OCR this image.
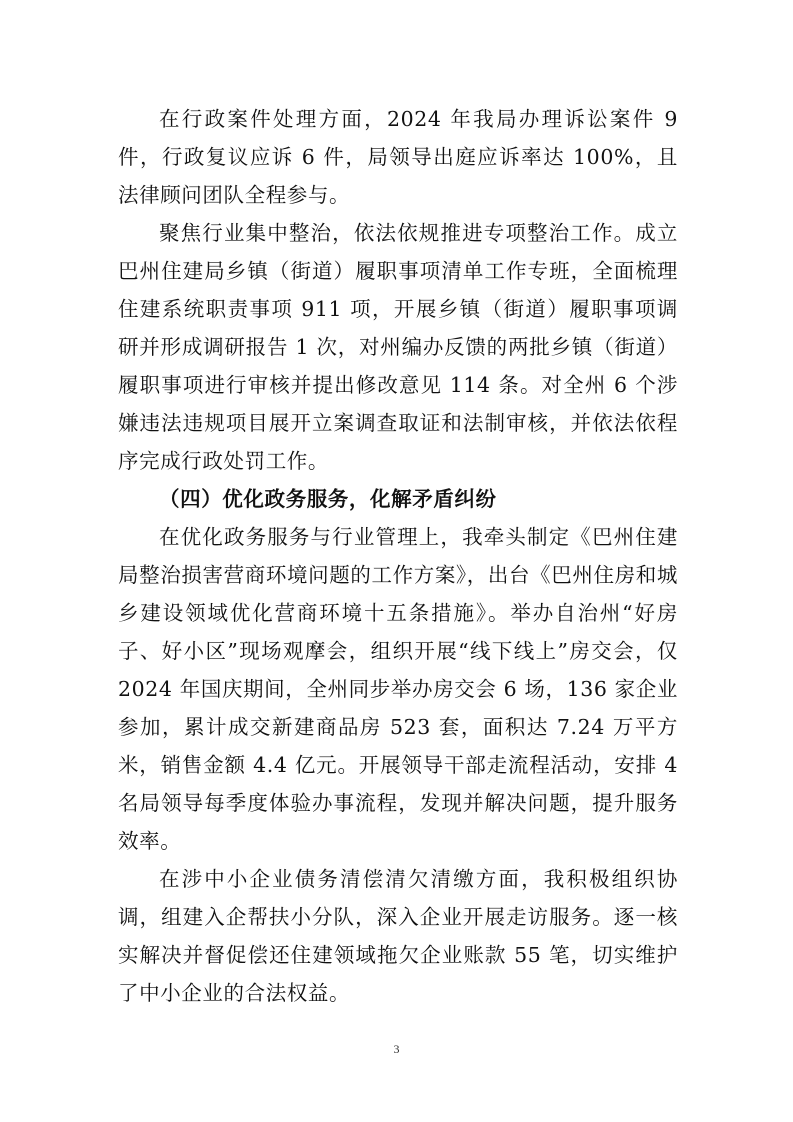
在行政案件处理方面，2024 年我局办理诉讼案件 9 件，行政复议应诉 6 件，局领导出庭应诉率达 100%，且法律顾问团队全程参与。

聚焦行业集中整治，依法依规推进专项整治工作。成立巴州住建局乡镇（街道）履职事项清单工作专班，全面梳理住建系统职责事项 911 项，开展乡镇（街道）履职事项调研并形成调研报告 1 次，对州编办反馈的两批乡镇（街道）履职事项进行审核并提出修改意见 114 条。对全州 6 个涉嫌违法违规项目展开立案调查取证和法制审核，并依法依程序完成行政处罚工作。

（四）优化政务服务，化解矛盾纠纷

在优化政务服务与行业管理上，我牵头制定《巴州住建局整治损害营商环境问题的工作方案》，出台《巴州住房和城乡建设领域优化营商环境十五条措施》。举办自治州“好房子、好小区”现场观摩会，组织开展“线下线上”房交会，仅 2024 年国庆期间，全州同步举办房交会 6 场，136 家企业参加，累计成交新建商品房 523 套，面积达 7.24 万平方米，销售金额 4.4 亿元。开展领导干部走流程活动，安排 4 名局领导每季度体验办事流程，发现并解决问题，提升服务效率。

在涉中小企业债务清偿清欠清缴方面，我积极组织协调，组建入企帮扶小分队，深入企业开展走访服务。逐一核实解决并督促偿还住建领域拖欠企业账款 55 笔，切实维护了中小企业的合法权益。

3
